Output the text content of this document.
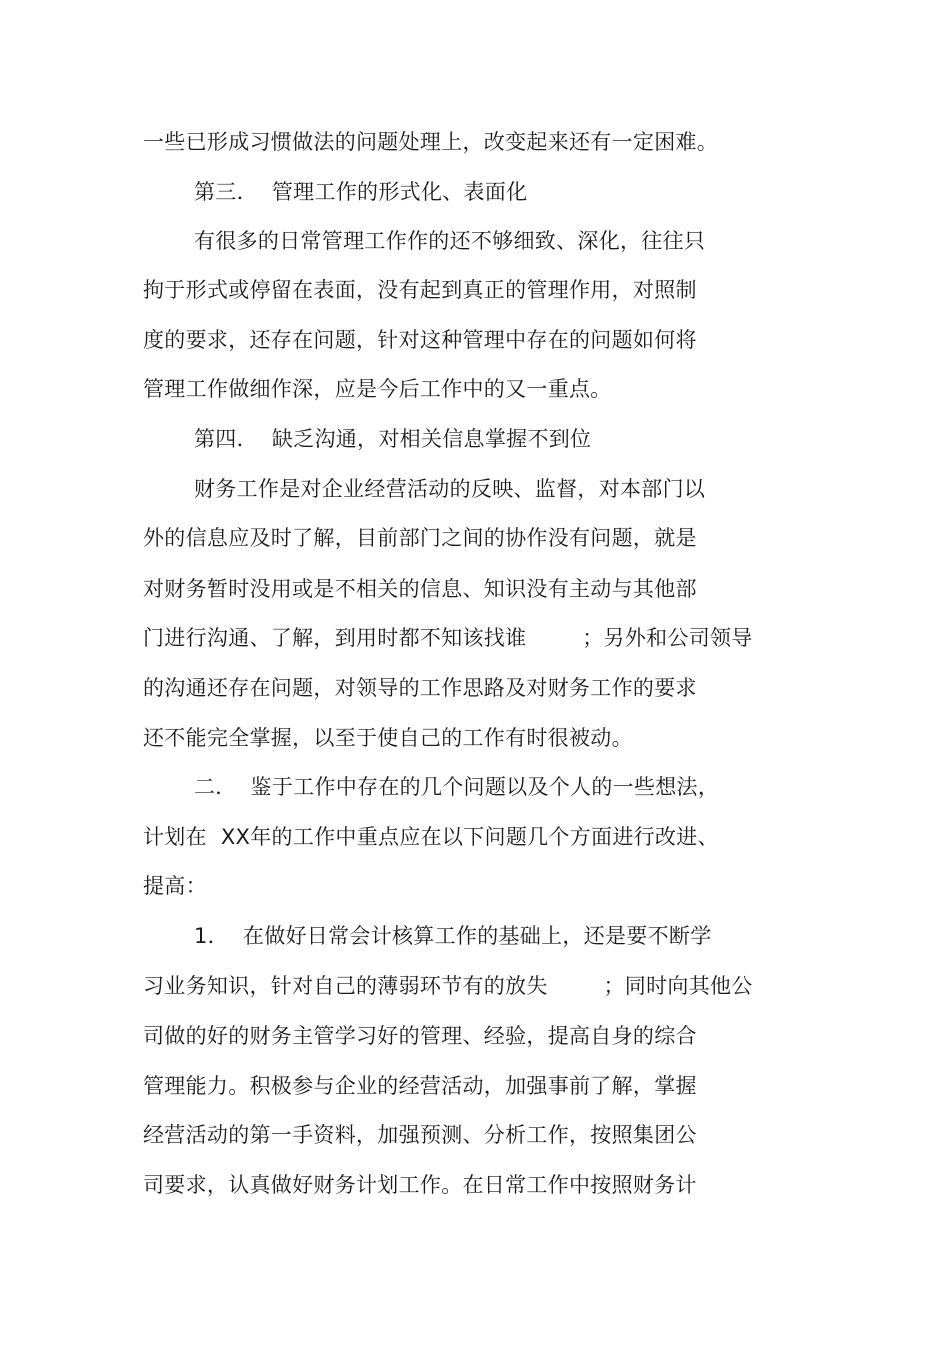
一些已形成习惯做法的问题处理上，改变起来还有一定困难。
第三．  管理工作的形式化、表面化
有很多的日常管理工作作的还不够细致、深化，往往只
拘于形式或停留在表面，没有起到真正的管理作用，对照制
度的要求，还存在问题，针对这种管理中存在的问题如何将
管理工作做细作深，应是今后工作中的又一重点。
第四．  缺乏沟通，对相关信息掌握不到位
财务工作是对企业经营活动的反映、监督，对本部门以
外的信息应及时了解，目前部门之间的协作没有问题，就是
对财务暂时没用或是不相关的信息、知识没有主动与其他部
门进行沟通、了解，到用时都不知该找谁        ；另外和公司领导
的沟通还存在问题，对领导的工作思路及对财务工作的要求
还不能完全掌握，以至于使自己的工作有时很被动。
二．  鉴于工作中存在的几个问题以及个人的一些想法，
计划在  XX年的工作中重点应在以下问题几个方面进行改进、
提高：
1．  在做好日常会计核算工作的基础上，还是要不断学
习业务知识，针对自己的薄弱环节有的放失        ；同时向其他公
司做的好的财务主管学习好的管理、经验，提高自身的综合
管理能力。积极参与企业的经营活动，加强事前了解，掌握
经营活动的第一手资料，加强预测、分析工作，按照集团公
司要求，认真做好财务计划工作。在日常工作中按照财务计
